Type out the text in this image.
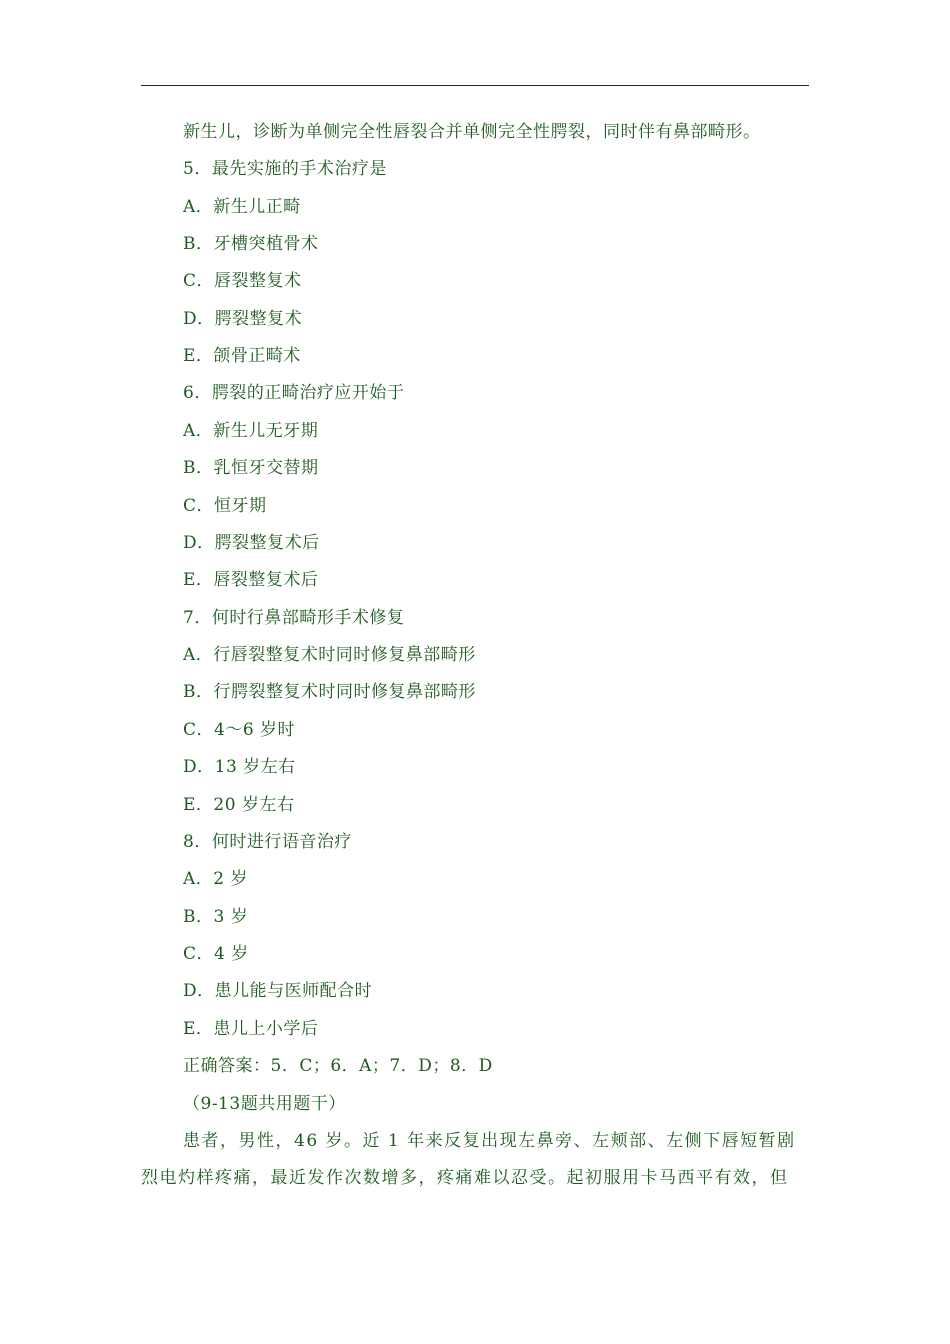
新生儿，诊断为单侧完全性唇裂合并单侧完全性腭裂，同时伴有鼻部畸形。
5．最先实施的手术治疗是
A．新生儿正畸
B．牙槽突植骨术
C．唇裂整复术
D．腭裂整复术
E．颌骨正畸术
6．腭裂的正畸治疗应开始于
A．新生儿无牙期
B．乳恒牙交替期
C．恒牙期
D．腭裂整复术后
E．唇裂整复术后
7．何时行鼻部畸形手术修复
A．行唇裂整复术时同时修复鼻部畸形
B．行腭裂整复术时同时修复鼻部畸形
C．4～6 岁时
D．13 岁左右
E．20 岁左右
8．何时进行语音治疗
A．2 岁
B．3 岁
C．4 岁
D．患儿能与医师配合时
E．患儿上小学后
正确答案：5．C；6．A；7．D；8．D
（9-13题共用题干）
患者，男性，46 岁。近 1 年来反复出现左鼻旁、左颊部、左侧下唇短暂剧
烈电灼样疼痛，最近发作次数增多，疼痛难以忍受。起初服用卡马西平有效，但
